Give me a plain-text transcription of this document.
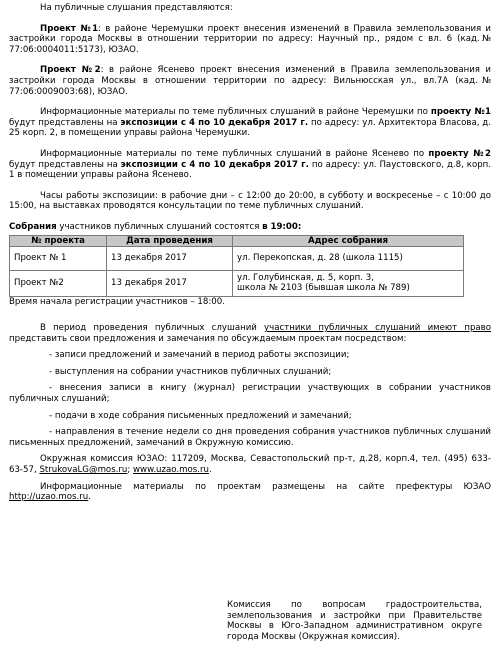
На публичные слушания представляются:

Проект №1: в районе Черемушки проект внесения изменений в Правила землепользования и застройки города Москвы в отношении территории по адресу: Научный пр., рядом с вл. 6 (кад.№ 77:06:0004011:5173), ЮЗАО.

Проект №2: в районе Ясенево проект внесения изменений в Правила землепользования и застройки города Москвы в отношении территории по адресу: Вильнюсская ул., вл.7А (кад.№ 77:06:0009003:68), ЮЗАО.

Информационные материалы по теме публичных слушаний в районе Черемушки по проекту №1 будут представлены на экспозиции с 4 по 10 декабря 2017 г. по адресу: ул. Архитектора Власова, д. 25 корп. 2, в помещении управы района Черемушки.

Информационные материалы по теме публичных слушаний в районе Ясенево по проекту №2 будут представлены на экспозиции с 4 по 10 декабря 2017 г. по адресу: ул. Паустовского, д.8, корп. 1 в помещении управы района Ясенево.

Часы работы экспозиции: в рабочие дни – с 12:00 до 20:00, в субботу и воскресенье – с 10:00 до 15:00, на выставках проводятся консультации по теме публичных слушаний.

Собрания участников публичных слушаний состоятся в 19:00:

№ проекта	Дата проведения	Адрес собрания
Проект № 1	13 декабря 2017	ул. Перекопская, д. 28 (школа 1115)
Проект №2	13 декабря 2017	ул. Голубинская, д. 5, корп. 3,
школа № 2103 (бывшая школа № 789)

Время начала регистрации участников – 18:00.

В период проведения публичных слушаний участники публичных слушаний имеют право представить свои предложения и замечания по обсуждаемым проектам посредством:

- записи предложений и замечаний в период работы экспозиции;

- выступления на собрании участников публичных слушаний;

- внесения записи в книгу (журнал) регистрации участвующих в собрании участников публичных слушаний;

- подачи в ходе собрания письменных предложений и замечаний;

- направления в течение недели со дня проведения собрания участников публичных слушаний письменных предложений, замечаний в Окружную комиссию.

Окружная комиссия ЮЗАО: 117209, Москва, Севастопольский пр-т, д.28, корп.4, тел. (495) 633-63-57, StrukovaLG@mos.ru; www.uzao.mos.ru.

Информационные материалы по проектам размещены на сайте префектуры ЮЗАО http://uzao.mos.ru.

Комиссия по вопросам градостроительства, землепользования и застройки при Правительстве Москвы в Юго-Западном административном округе города Москвы (Окружная комиссия).
